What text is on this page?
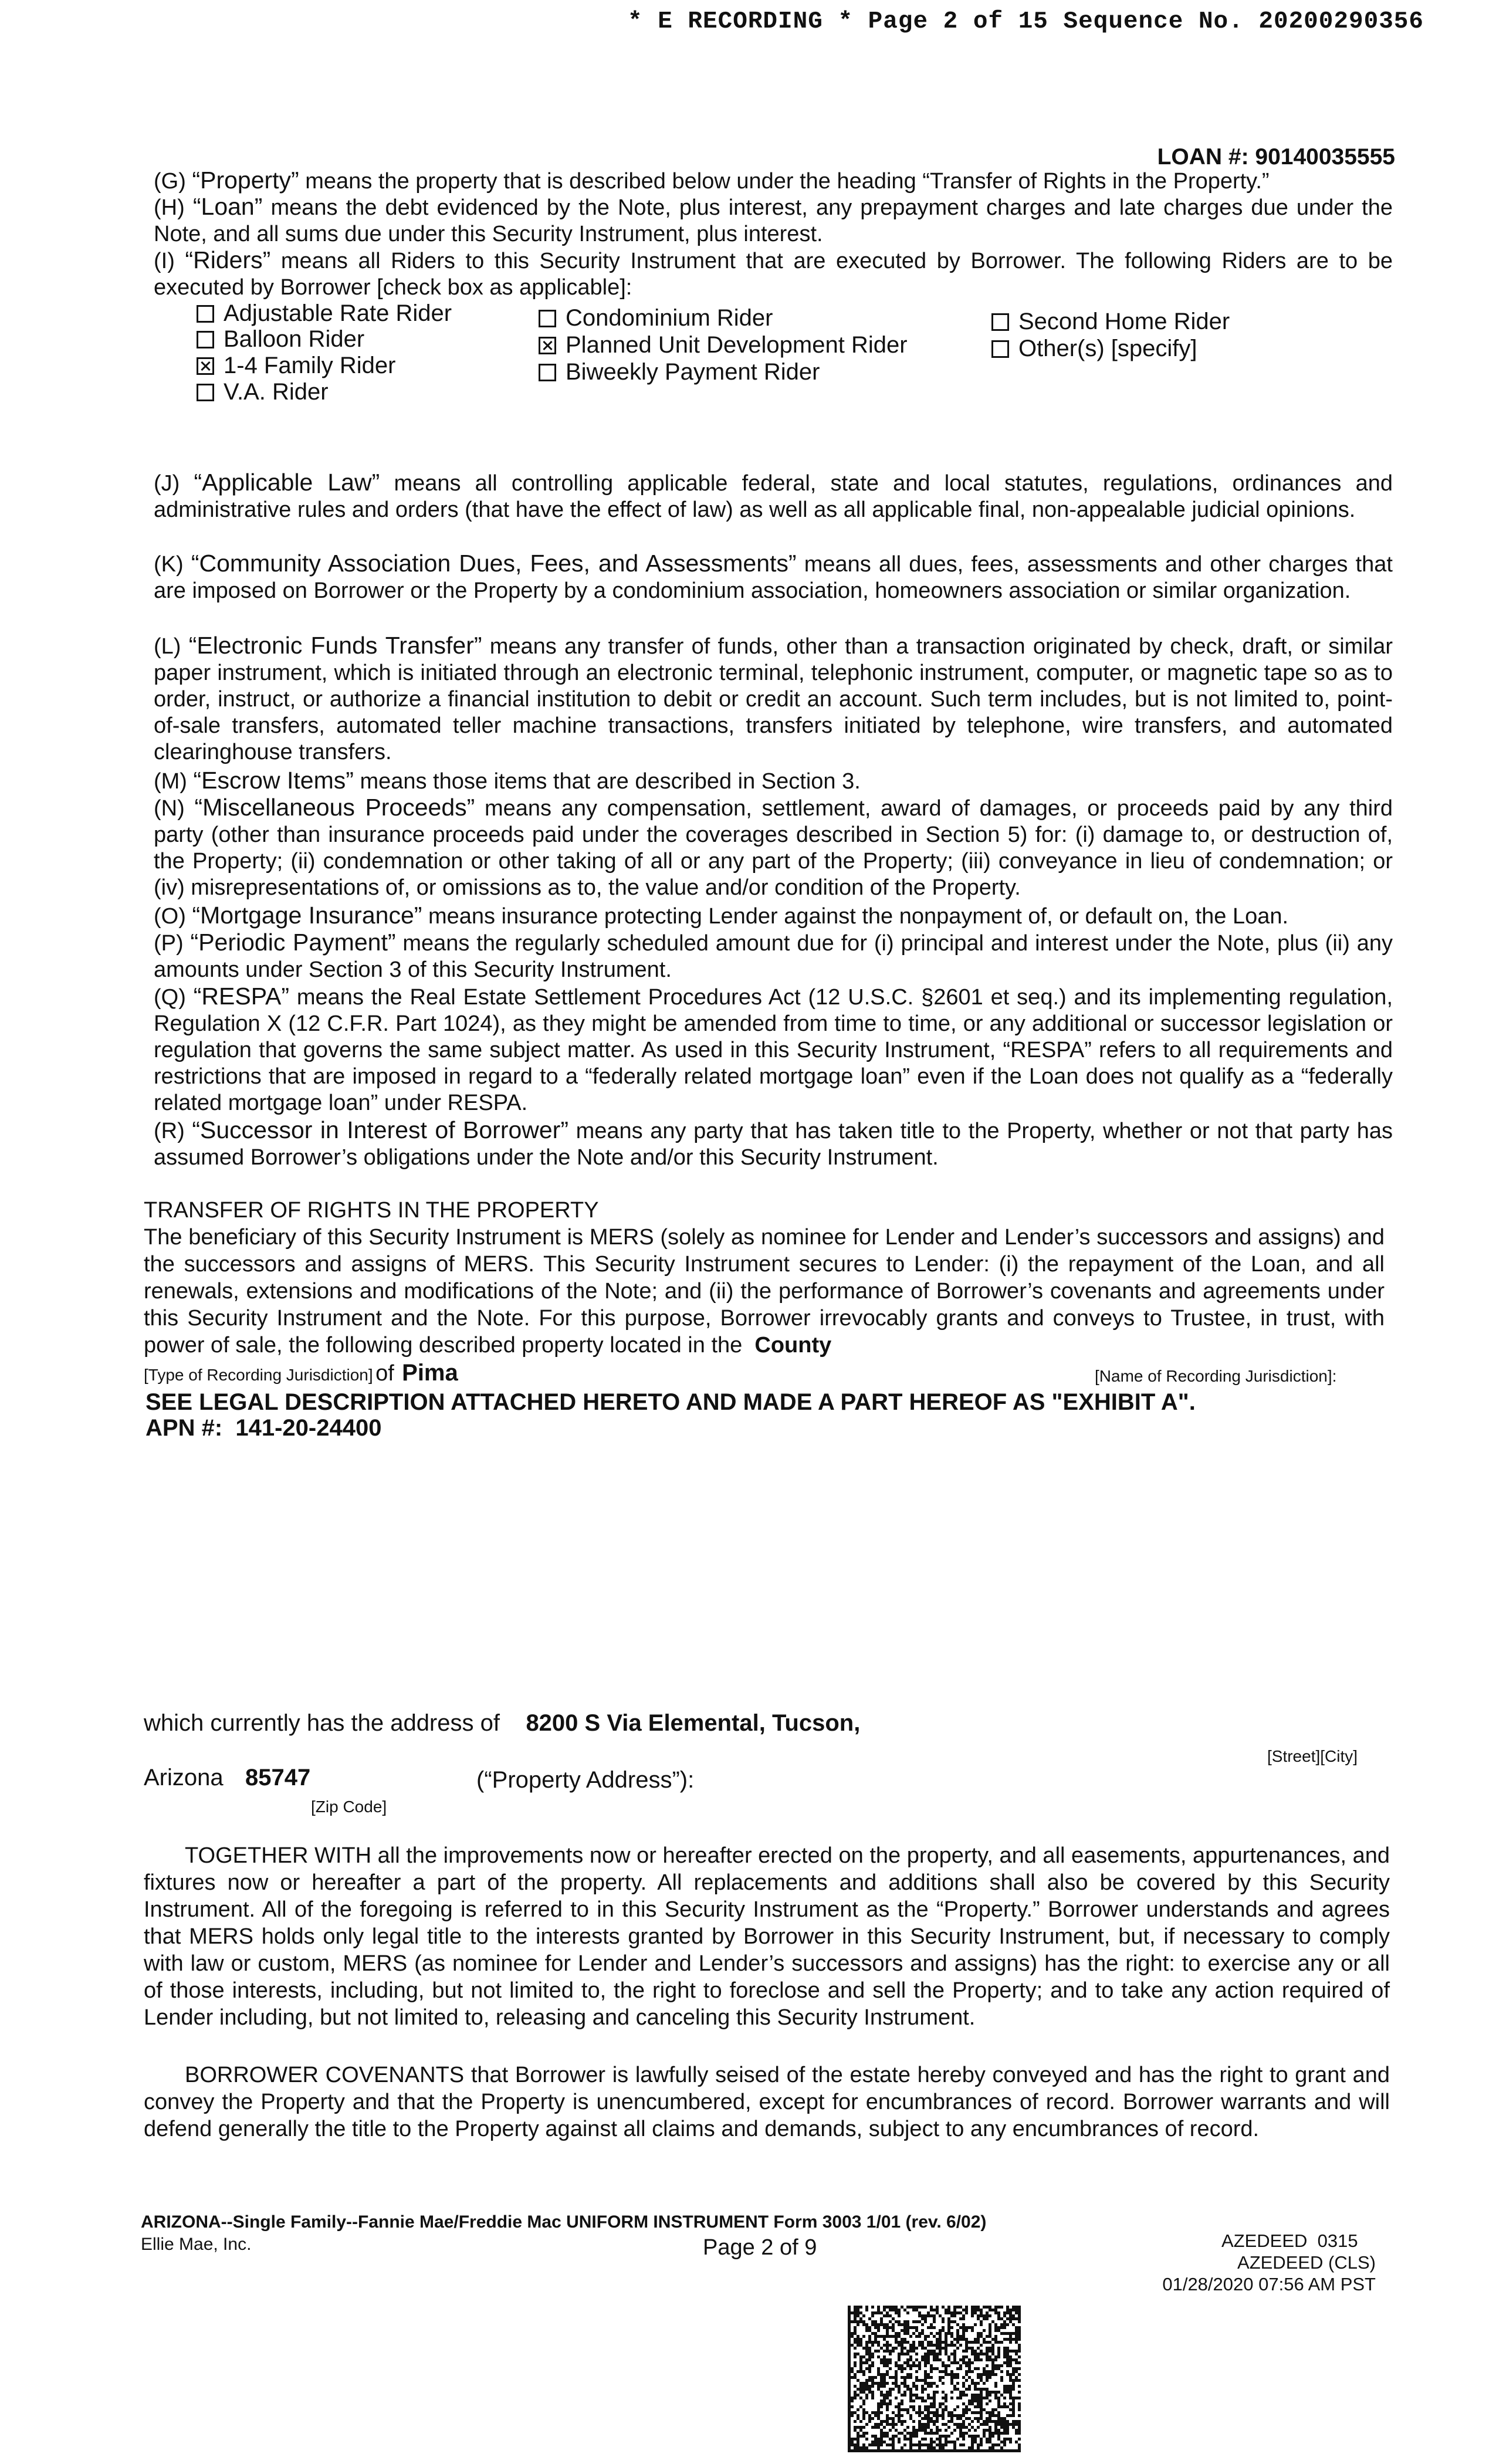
* E RECORDING * Page 2 of 15 Sequence No. 20200290356
LOAN #: 90140035555

(G) “Property” means the property that is described below under the heading “Transfer of Rights in the Property.”

(H) “Loan” means the debt evidenced by the Note, plus interest, any prepayment charges and late charges due under the Note, and all sums due under this Security Instrument, plus interest.

(I) “Riders” means all Riders to this Security Instrument that are executed by Borrower. The following Riders are to be executed by Borrower [check box as applicable]:

Adjustable Rate Rider
Balloon Rider
1-4 Family Rider
V.A. Rider
Condominium Rider
Planned Unit Development Rider
Biweekly Payment Rider
Second Home Rider
Other(s) [specify]

(J) “Applicable Law” means all controlling applicable federal, state and local statutes, regulations, ordinances and administrative rules and orders (that have the effect of law) as well as all applicable final, non-appealable judicial opinions.

(K) “Community Association Dues, Fees, and Assessments” means all dues, fees, assessments and other charges that are imposed on Borrower or the Property by a condominium association, homeowners association or similar organization.

(L) “Electronic Funds Transfer” means any transfer of funds, other than a transaction originated by check, draft, or similar paper instrument, which is initiated through an electronic terminal, telephonic instrument, computer, or magnetic tape so as to order, instruct, or authorize a financial institution to debit or credit an account. Such term includes, but is not limited to, point-of-sale transfers, automated teller machine transactions, transfers initiated by telephone, wire transfers, and automated clearinghouse transfers.

(M) “Escrow Items” means those items that are described in Section 3.

(N) “Miscellaneous Proceeds” means any compensation, settlement, award of damages, or proceeds paid by any third party (other than insurance proceeds paid under the coverages described in Section 5) for: (i) damage to, or destruction of, the Property; (ii) condemnation or other taking of all or any part of the Property; (iii) conveyance in lieu of condemnation; or (iv) misrepresentations of, or omissions as to, the value and/or condition of the Property.

(O) “Mortgage Insurance” means insurance protecting Lender against the nonpayment of, or default on, the Loan.

(P) “Periodic Payment” means the regularly scheduled amount due for (i) principal and interest under the Note, plus (ii) any amounts under Section 3 of this Security Instrument.

(Q) “RESPA” means the Real Estate Settlement Procedures Act (12 U.S.C. §2601 et seq.) and its implementing regulation, Regulation X (12 C.F.R. Part 1024), as they might be amended from time to time, or any additional or successor legislation or regulation that governs the same subject matter. As used in this Security Instrument, “RESPA” refers to all requirements and restrictions that are imposed in regard to a “federally related mortgage loan” even if the Loan does not qualify as a “federally related mortgage loan” under RESPA.

(R) “Successor in Interest of Borrower” means any party that has taken title to the Property, whether or not that party has assumed Borrower’s obligations under the Note and/or this Security Instrument.

TRANSFER OF RIGHTS IN THE PROPERTY

The beneficiary of this Security Instrument is MERS (solely as nominee for Lender and Lender’s successors and assigns) and the successors and assigns of MERS. This Security Instrument secures to Lender: (i) the repayment of the Loan, and all renewals, extensions and modifications of the Note; and (ii) the performance of Borrower’s covenants and agreements under this Security Instrument and the Note. For this purpose, Borrower irrevocably grants and conveys to Trustee, in trust, with power of sale, the following described property located in the County

[Type of Recording Jurisdiction] of Pima	[Name of Recording Jurisdiction]:
SEE LEGAL DESCRIPTION ATTACHED HERETO AND MADE A PART HEREOF AS "EXHIBIT A".
APN #: 141-20-24400
which currently has the address of 8200 S Via Elemental, Tucson,
[Street][City]
Arizona 85747	(“Property Address”):
[Zip Code]

TOGETHER WITH all the improvements now or hereafter erected on the property, and all easements, appurtenances, and fixtures now or hereafter a part of the property. All replacements and additions shall also be covered by this Security Instrument. All of the foregoing is referred to in this Security Instrument as the “Property.” Borrower understands and agrees that MERS holds only legal title to the interests granted by Borrower in this Security Instrument, but, if necessary to comply with law or custom, MERS (as nominee for Lender and Lender’s successors and assigns) has the right: to exercise any or all of those interests, including, but not limited to, the right to foreclose and sell the Property; and to take any action required of Lender including, but not limited to, releasing and canceling this Security Instrument.

BORROWER COVENANTS that Borrower is lawfully seised of the estate hereby conveyed and has the right to grant and convey the Property and that the Property is unencumbered, except for encumbrances of record. Borrower warrants and will defend generally the title to the Property against all claims and demands, subject to any encumbrances of record.

ARIZONA--Single Family--Fannie Mae/Freddie Mac UNIFORM INSTRUMENT Form 3003 1/01 (rev. 6/02)
Ellie Mae, Inc.	Page 2 of 9	AZEDEED  0315
AZEDEED (CLS)
01/28/2020 07:56 AM PST
